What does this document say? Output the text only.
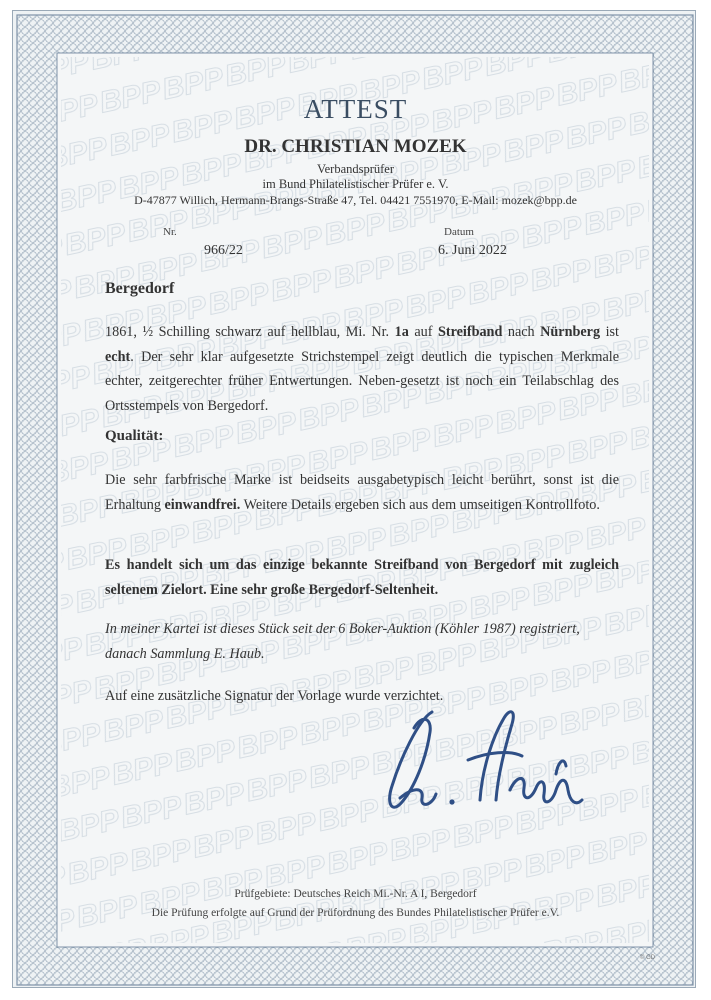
ATTEST
DR. CHRISTIAN MOZEK
Verbandsprüfer
im Bund Philatelistischer Prüfer e. V.
D-47877 Willich, Hermann-Brangs-Straße 47, Tel. 04421 7551970, E-Mail: mozek@bpp.de
Nr.
966/22
Datum
6. Juni 2022
Bergedorf
1861, ½ Schilling schwarz auf hellblau, Mi. Nr. 1a auf Streifband nach Nürnberg ist echt. Der sehr klar aufgesetzte Strichstempel zeigt deutlich die typischen Merkmale echter, zeitgerechter früher Entwertungen. Neben-gesetzt ist noch ein Teilabschlag des Ortsstempels von Bergedorf.
Qualität:
Die sehr farbfrische Marke ist beidseits ausgabetypisch leicht berührt, sonst ist die Erhaltung einwandfrei. Weitere Details ergeben sich aus dem umseitigen Kontrollfoto.
Es handelt sich um das einzige bekannte Streifband von Bergedorf mit zugleich seltenem Zielort. Eine sehr große Bergedorf-Seltenheit.
In meiner Kartei ist dieses Stück seit der 6 Boker-Auktion (Köhler 1987) registriert, danach Sammlung E. Haub.
Auf eine zusätzliche Signatur der Vorlage wurde verzichtet.
Prüfgebiete: Deutsches Reich Mi.-Nr. A I, Bergedorf
Die Prüfung erfolgte auf Grund der Prüfordnung des Bundes Philatelistischer Prüfer e.V.
© GD
